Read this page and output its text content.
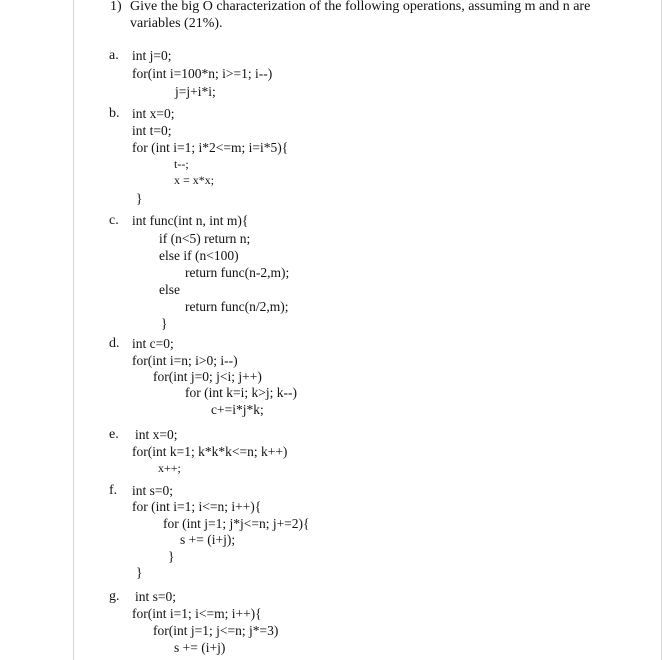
1) Give the big O characterization of the following operations, assuming m and n are
variables (21%).
a. int j=0;
for(int i=100*n; i>=1; i--)
j=j+i*i;
b. int x=0;
int t=0;
for (int i=1; i*2<=m; i=i*5){
t--;
x = x*x;
}
c. int func(int n, int m){
if (n<5) return n;
else if (n<100)
return func(n-2,m);
else
return func(n/2,m);
}
d. int c=0;
for(int i=n; i>0; i--)
for(int j=0; j<i; j++)
for (int k=i; k>j; k--)
c+=i*j*k;
e. int x=0;
for(int k=1; k*k*k<=n; k++)
x++;
f. int s=0;
for (int i=1; i<=n; i++){
for (int j=1; j*j<=n; j+=2){
s += (i+j);
}
}
g. int s=0;
for(int i=1; i<=m; i++){
for(int j=1; j<=n; j*=3)
s += (i+j)
